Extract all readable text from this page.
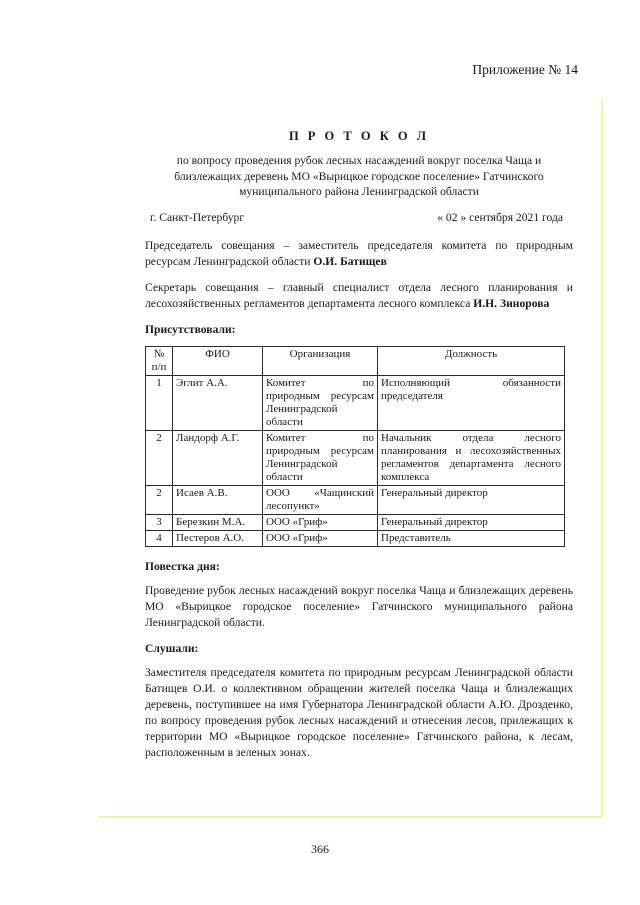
Приложение № 14
П Р О Т О К О Л
по вопросу проведения рубок лесных насаждений вокруг поселка Чаща и близлежащих деревень МО «Вырицкое городское поселение» Гатчинского муниципального района Ленинградской области
г. Санкт-Петербург	« 02 » сентября 2021 года

Председатель совещания – заместитель председателя комитета по природным ресурсам Ленинградской области О.И. Батищев

Секретарь совещания – главный специалист отдела лесного планирования и лесохозяйственных регламентов департамента лесного комплекса И.Н. Зинорова

Присутствовали:
№ п/п	ФИО	Организация	Должность
1	Эглит А.А.	Комитет по природным ресурсам Ленинградской области	Исполняющий обязанности председателя
2	Ландорф А.Г.	Комитет по природным ресурсам Ленинградской области	Начальник отдела лесного планирования и лесохозяйственных регламентов департамента лесного комплекса
2	Исаев А.В.	ООО «Чащинский лесопункт»	Генеральный директор
3	Березкин М.А.	ООО «Гриф»	Генеральный директор
4	Пестеров А.О.	ООО «Гриф»	Представитель
Повестка дня:

Проведение рубок лесных насаждений вокруг поселка Чаща и близлежащих деревень МО «Вырицкое городское поселение» Гатчинского муниципального района Ленинградской области.

Слушали:

Заместителя председателя комитета по природным ресурсам Ленинградской области Батищев О.И. о коллективном обращении жителей поселка Чаща и близлежащих деревень, поступившее на имя Губернатора Ленинградской области А.Ю. Дрозденко, по вопросу проведения рубок лесных насаждений и отнесения лесов, прилежащих к территории МО «Вырицкое городское поселение» Гатчинского района, к лесам, расположенным в зеленых зонах.

366
